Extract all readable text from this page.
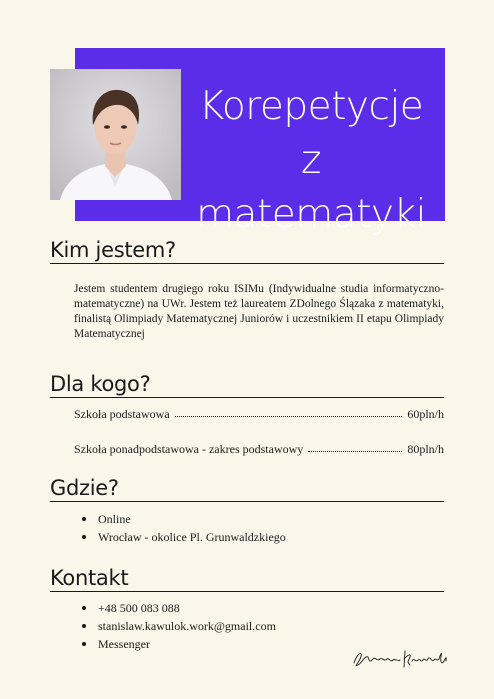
Korepetycje z
matematyki
Kim jestem?

Jestem studentem drugiego roku ISIMu (Indywidualne studia informatyczno-matematyczne) na UWr. Jestem też laureatem ZDolnego Ślązaka z matematyki, finalistą Olimpiady Matematycznej Juniorów i uczestnikiem II etapu Olimpiady Matematycznej

Dla kogo?
Szkoła podstawowa	60pln/h
Szkoła ponadpodstawowa - zakres podstawowy	80pln/h
Gdzie?
Online
Wrocław - okolice Pl. Grunwaldzkiego
Kontakt
+48 500 083 088
stanislaw.kawulok.work@gmail.com
Messenger
